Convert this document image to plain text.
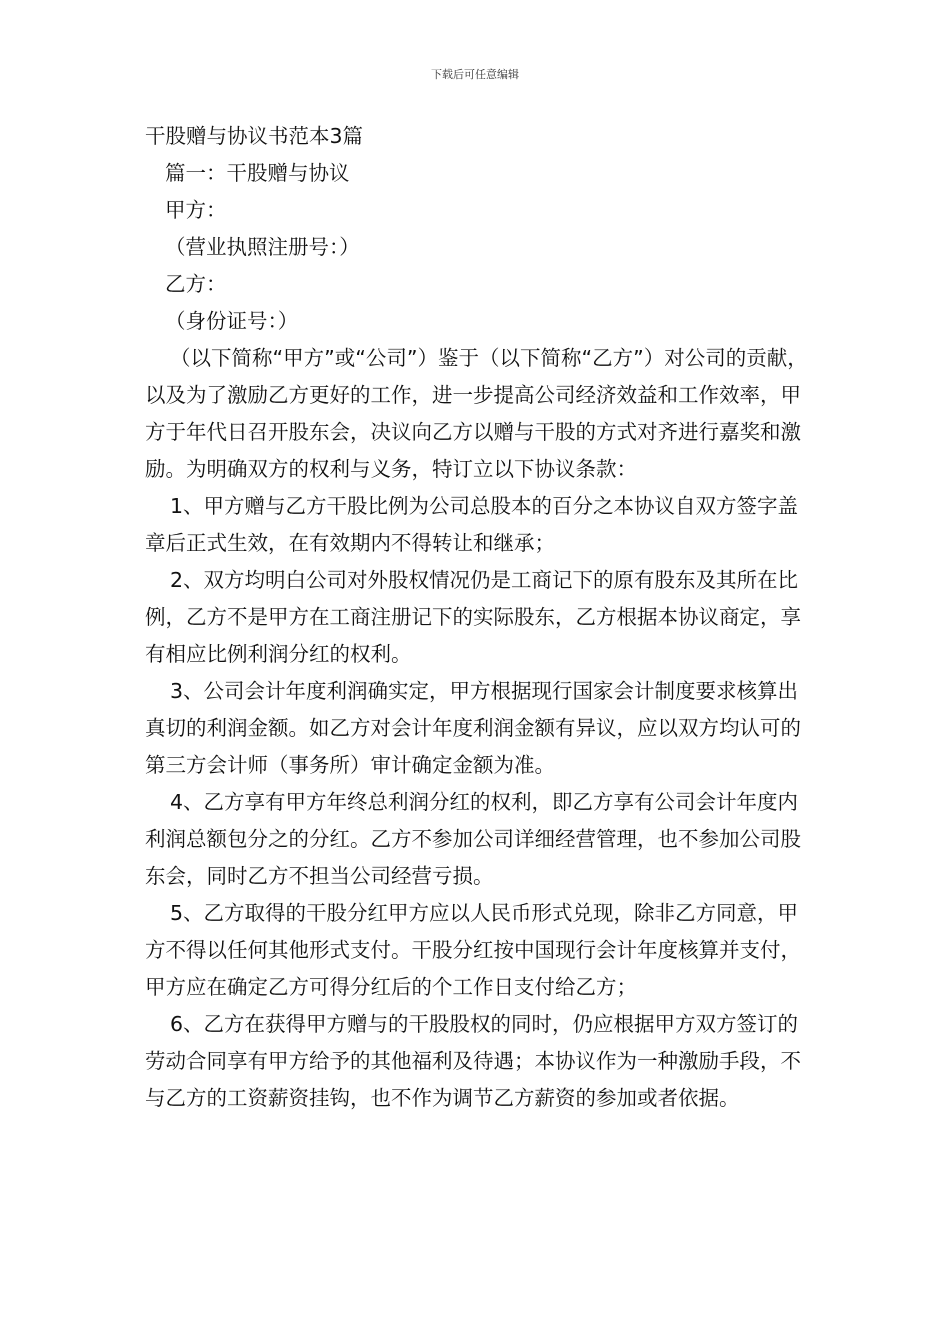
下载后可任意编辑

干股赠与协议书范本3篇

篇一：干股赠与协议

甲方：

（营业执照注册号：）

乙方：

（身份证号：）

（以下简称“甲方”或“公司”）鉴于（以下简称“乙方”）对公司的贡献，以及为了激励乙方更好的工作，进一步提高公司经济效益和工作效率，甲方于年代日召开股东会，决议向乙方以赠与干股的方式对齐进行嘉奖和激励。为明确双方的权利与义务，特订立以下协议条款：

1、甲方赠与乙方干股比例为公司总股本的百分之本协议自双方签字盖章后正式生效，在有效期内不得转让和继承；

2、双方均明白公司对外股权情况仍是工商记下的原有股东及其所在比例，乙方不是甲方在工商注册记下的实际股东，乙方根据本协议商定，享有相应比例利润分红的权利。

3、公司会计年度利润确实定，甲方根据现行国家会计制度要求核算出真切的利润金额。如乙方对会计年度利润金额有异议，应以双方均认可的第三方会计师（事务所）审计确定金额为准。

4、乙方享有甲方年终总利润分红的权利，即乙方享有公司会计年度内利润总额包分之的分红。乙方不参加公司详细经营管理，也不参加公司股东会，同时乙方不担当公司经营亏损。

5、乙方取得的干股分红甲方应以人民币形式兑现，除非乙方同意，甲方不得以任何其他形式支付。干股分红按中国现行会计年度核算并支付，甲方应在确定乙方可得分红后的个工作日支付给乙方；

6、乙方在获得甲方赠与的干股股权的同时，仍应根据甲方双方签订的劳动合同享有甲方给予的其他福利及待遇；本协议作为一种激励手段，不与乙方的工资薪资挂钩，也不作为调节乙方薪资的参加或者依据。
